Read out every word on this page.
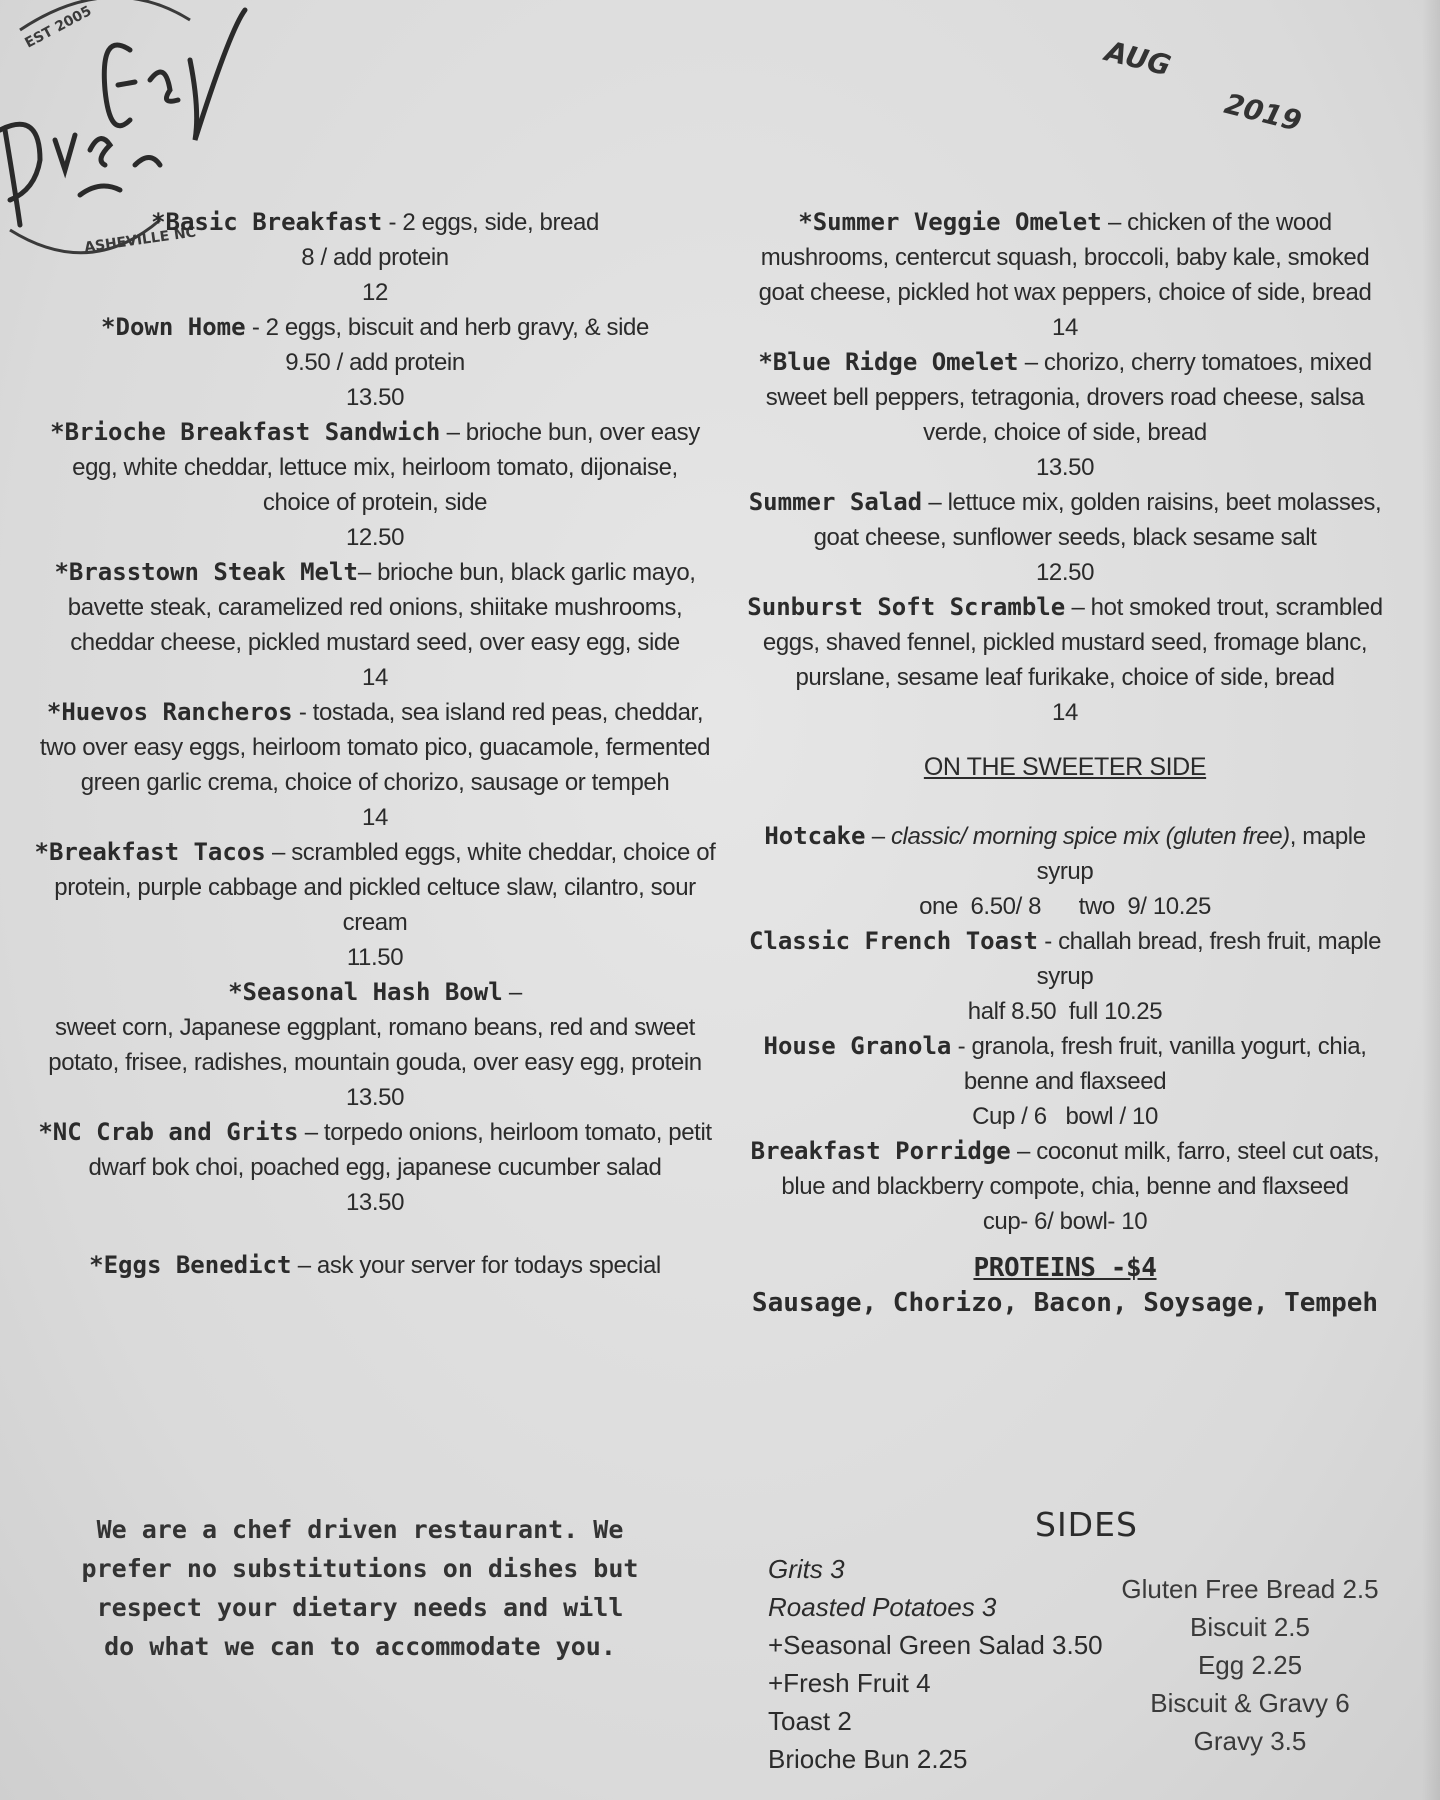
EST 2005
ASHEVILLE NC
AUG
2019
*Basic Breakfast - 2 eggs, side, bread
8 / add protein
12
*Down Home - 2 eggs, biscuit and herb gravy, & side
9.50 / add protein
13.50
*Brioche Breakfast Sandwich – brioche bun, over easy egg, white cheddar, lettuce mix, heirloom tomato, dijonaise,
choice of protein, side
12.50
*Brasstown Steak Melt– brioche bun, black garlic mayo, bavette steak, caramelized red onions, shiitake mushrooms, cheddar cheese, pickled mustard seed, over easy egg, side
14
*Huevos Rancheros - tostada, sea island red peas, cheddar, two over easy eggs, heirloom tomato pico, guacamole, fermented green garlic crema, choice of chorizo, sausage or tempeh
14
*Breakfast Tacos – scrambled eggs, white cheddar, choice of protein, purple cabbage and pickled celtuce slaw, cilantro, sour cream
11.50
*Seasonal Hash Bowl –
sweet corn, Japanese eggplant, romano beans, red and sweet potato, frisee, radishes, mountain gouda, over easy egg, protein
13.50
*NC Crab and Grits – torpedo onions, heirloom tomato, petit dwarf bok choi, poached egg, japanese cucumber salad
13.50
*Eggs Benedict – ask your server for todays special
*Summer Veggie Omelet – chicken of the wood mushrooms, centercut squash, broccoli, baby kale, smoked goat cheese, pickled hot wax peppers, choice of side, bread
14
*Blue Ridge Omelet – chorizo, cherry tomatoes, mixed sweet bell peppers, tetragonia, drovers road cheese, salsa verde, choice of side, bread
13.50
Summer Salad – lettuce mix, golden raisins, beet molasses, goat cheese, sunflower seeds, black sesame salt
12.50
Sunburst Soft Scramble – hot smoked trout, scrambled eggs, shaved fennel, pickled mustard seed, fromage blanc, purslane, sesame leaf furikake, choice of side, bread
14
ON THE SWEETER SIDE
Hotcake – classic/ morning spice mix (gluten free), maple syrup
one  6.50/ 8      two  9/ 10.25
Classic French Toast - challah bread, fresh fruit, maple syrup
half 8.50  full 10.25
House Granola - granola, fresh fruit, vanilla yogurt, chia, benne and flaxseed
Cup / 6   bowl / 10
Breakfast Porridge – coconut milk, farro, steel cut oats, blue and blackberry compote, chia, benne and flaxseed
cup- 6/ bowl- 10
PROTEINS -$4
Sausage, Chorizo, Bacon, Soysage, Tempeh
We are a chef driven restaurant. We prefer no substitutions on dishes but respect your dietary needs and will do what we can to accommodate you.
SIDES
Grits 3
Roasted Potatoes 3
+Seasonal Green Salad 3.50
+Fresh Fruit 4
Toast 2
Brioche Bun 2.25
Gluten Free Bread 2.5
Biscuit 2.5
Egg 2.25
Biscuit & Gravy 6
Gravy 3.5
